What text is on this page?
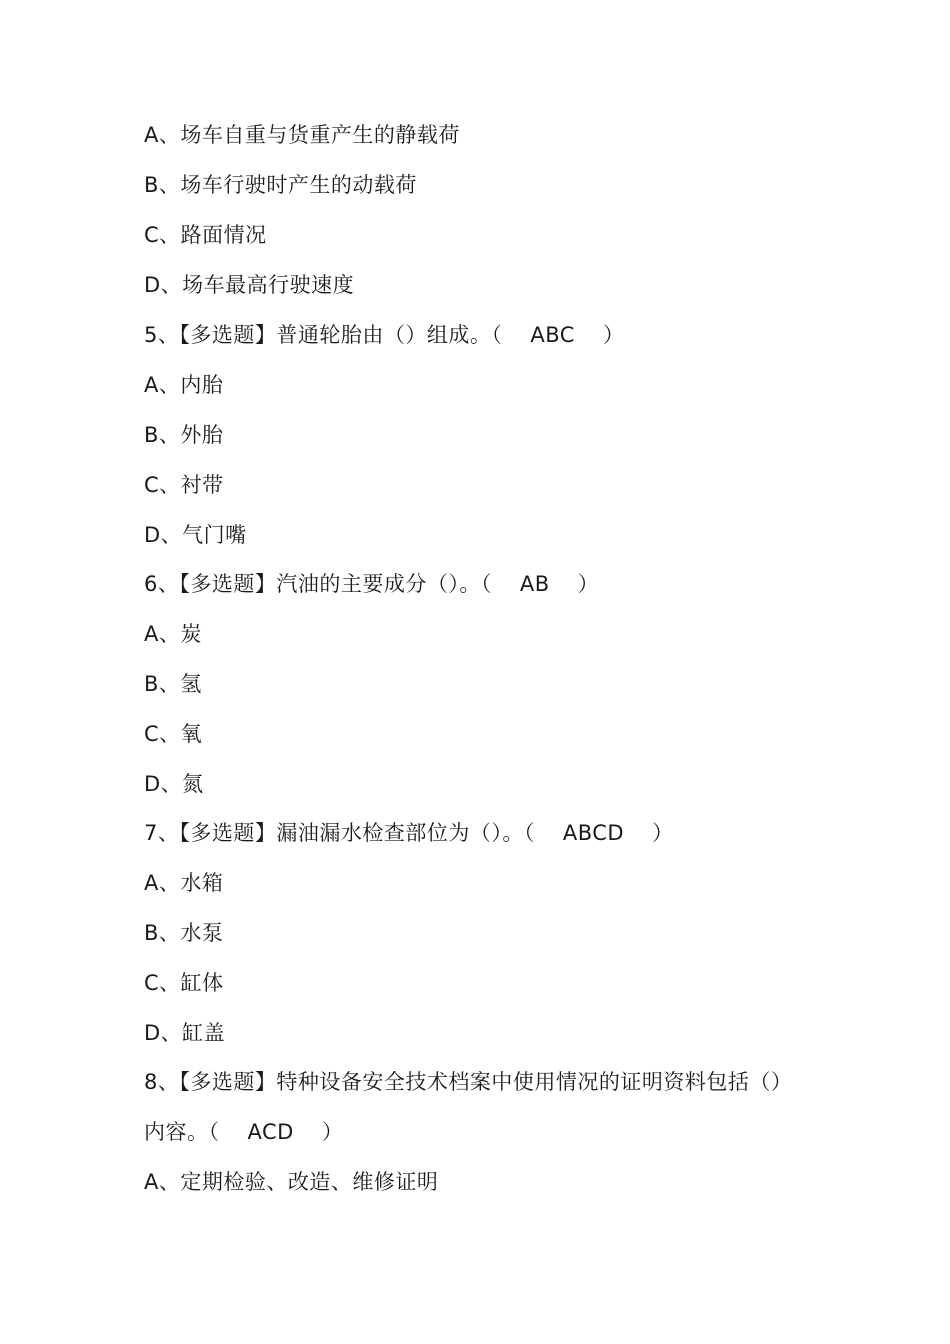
A、场车自重与货重产生的静载荷
B、场车行驶时产生的动载荷
C、路面情况
D、场车最高行驶速度
5、【多选题】普通轮胎由（）组成。（ ABC ）
A、内胎
B、外胎
C、衬带
D、气门嘴
6、【多选题】汽油的主要成分（）。（ AB ）
A、炭
B、氢
C、氧
D、氮
7、【多选题】漏油漏水检查部位为（）。（ ABCD ）
A、水箱
B、水泵
C、缸体
D、缸盖
8、【多选题】特种设备安全技术档案中使用情况的证明资料包括（）
内容。（ ACD ）
A、定期检验、改造、维修证明
